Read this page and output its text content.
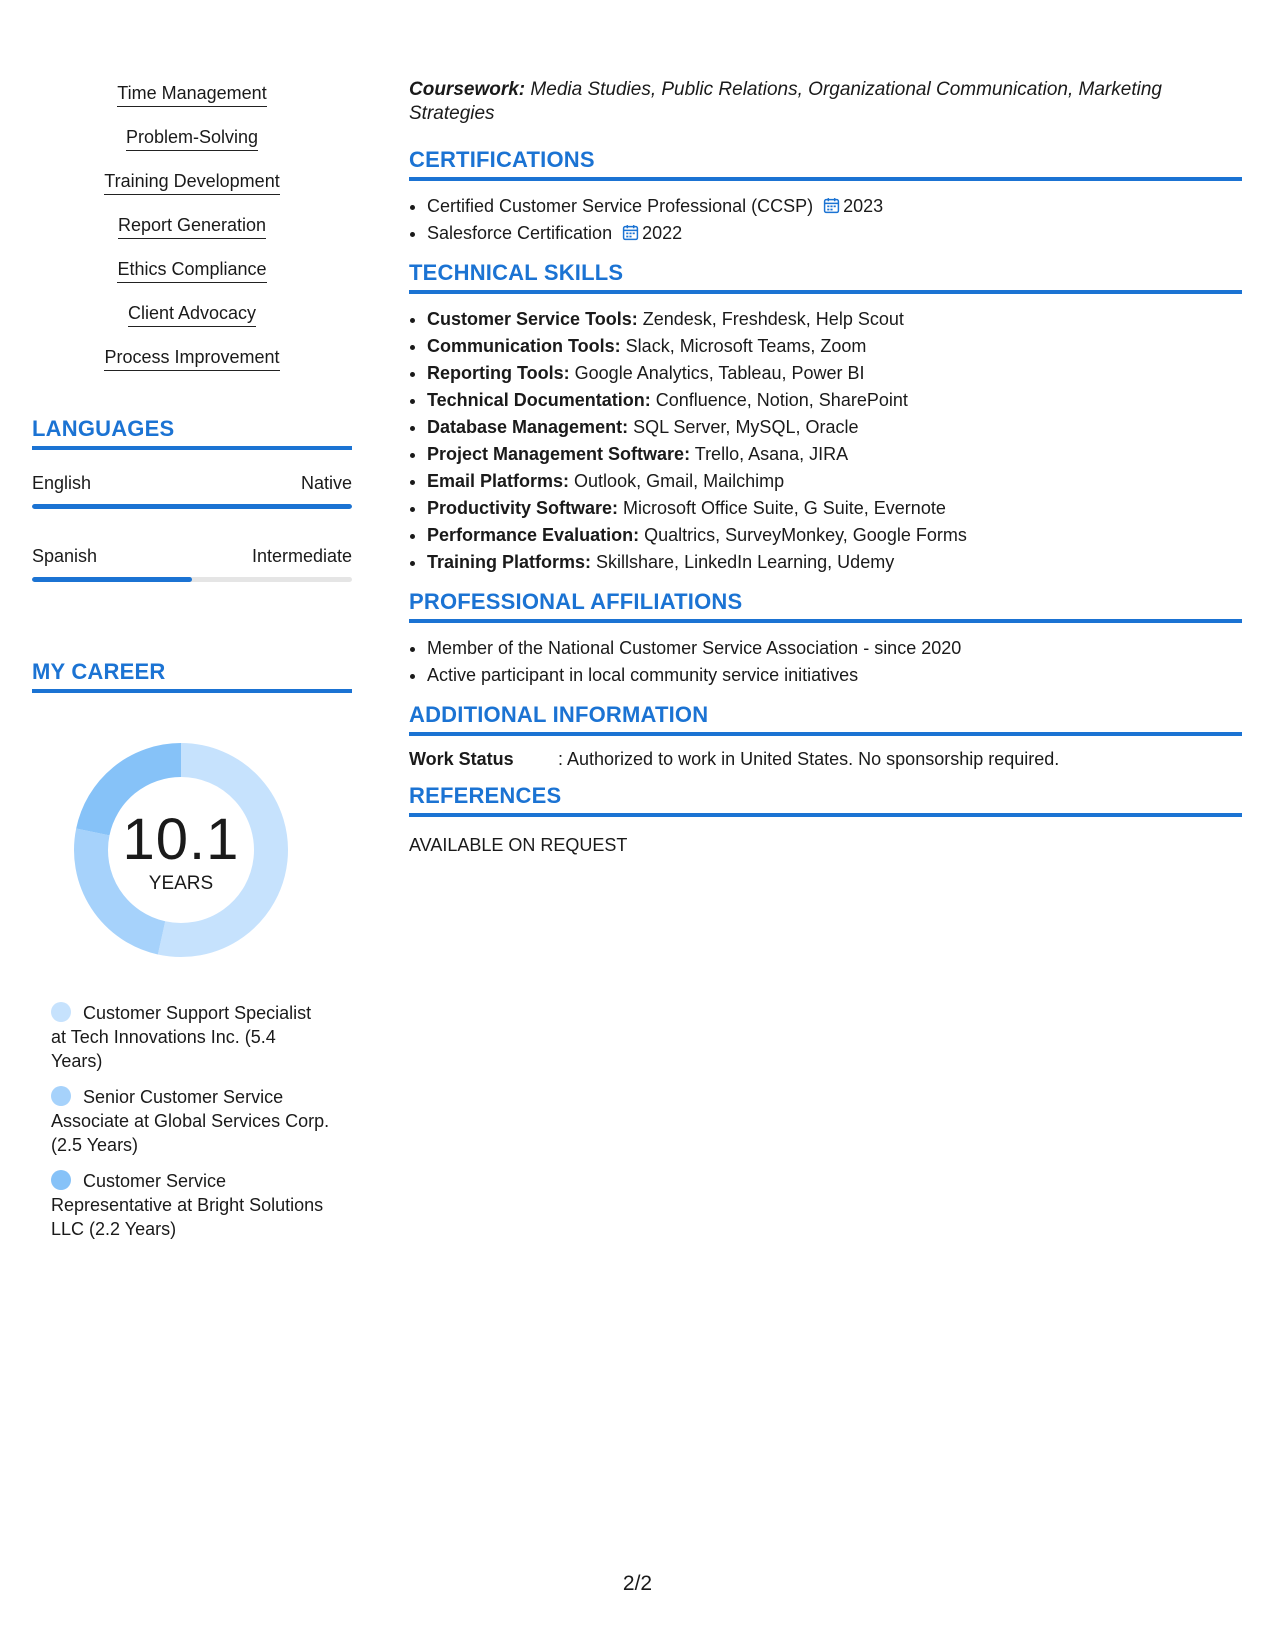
Time Management
Problem-Solving
Training Development
Report Generation
Ethics Compliance
Client Advocacy
Process Improvement
LANGUAGES
English	Native
Spanish	Intermediate
MY CAREER
10.1
YEARS
Customer Support Specialist at Tech Innovations Inc. (5.4 Years)
Senior Customer Service Associate at Global Services Corp. (2.5 Years)
Customer Service Representative at Bright Solutions LLC (2.2 Years)

Coursework: Media Studies, Public Relations, Organizational Communication, Marketing Strategies

CERTIFICATIONS
• Certified Customer Service Professional (CCSP) 2023
• Salesforce Certification 2022
TECHNICAL SKILLS
• Customer Service Tools: Zendesk, Freshdesk, Help Scout
• Communication Tools: Slack, Microsoft Teams, Zoom
• Reporting Tools: Google Analytics, Tableau, Power BI
• Technical Documentation: Confluence, Notion, SharePoint
• Database Management: SQL Server, MySQL, Oracle
• Project Management Software: Trello, Asana, JIRA
• Email Platforms: Outlook, Gmail, Mailchimp
• Productivity Software: Microsoft Office Suite, G Suite, Evernote
• Performance Evaluation: Qualtrics, SurveyMonkey, Google Forms
• Training Platforms: Skillshare, LinkedIn Learning, Udemy
PROFESSIONAL AFFILIATIONS
• Member of the National Customer Service Association - since 2020
• Active participant in local community service initiatives
ADDITIONAL INFORMATION
Work Status	: Authorized to work in United States. No sponsorship required.
REFERENCES
AVAILABLE ON REQUEST
2/2
